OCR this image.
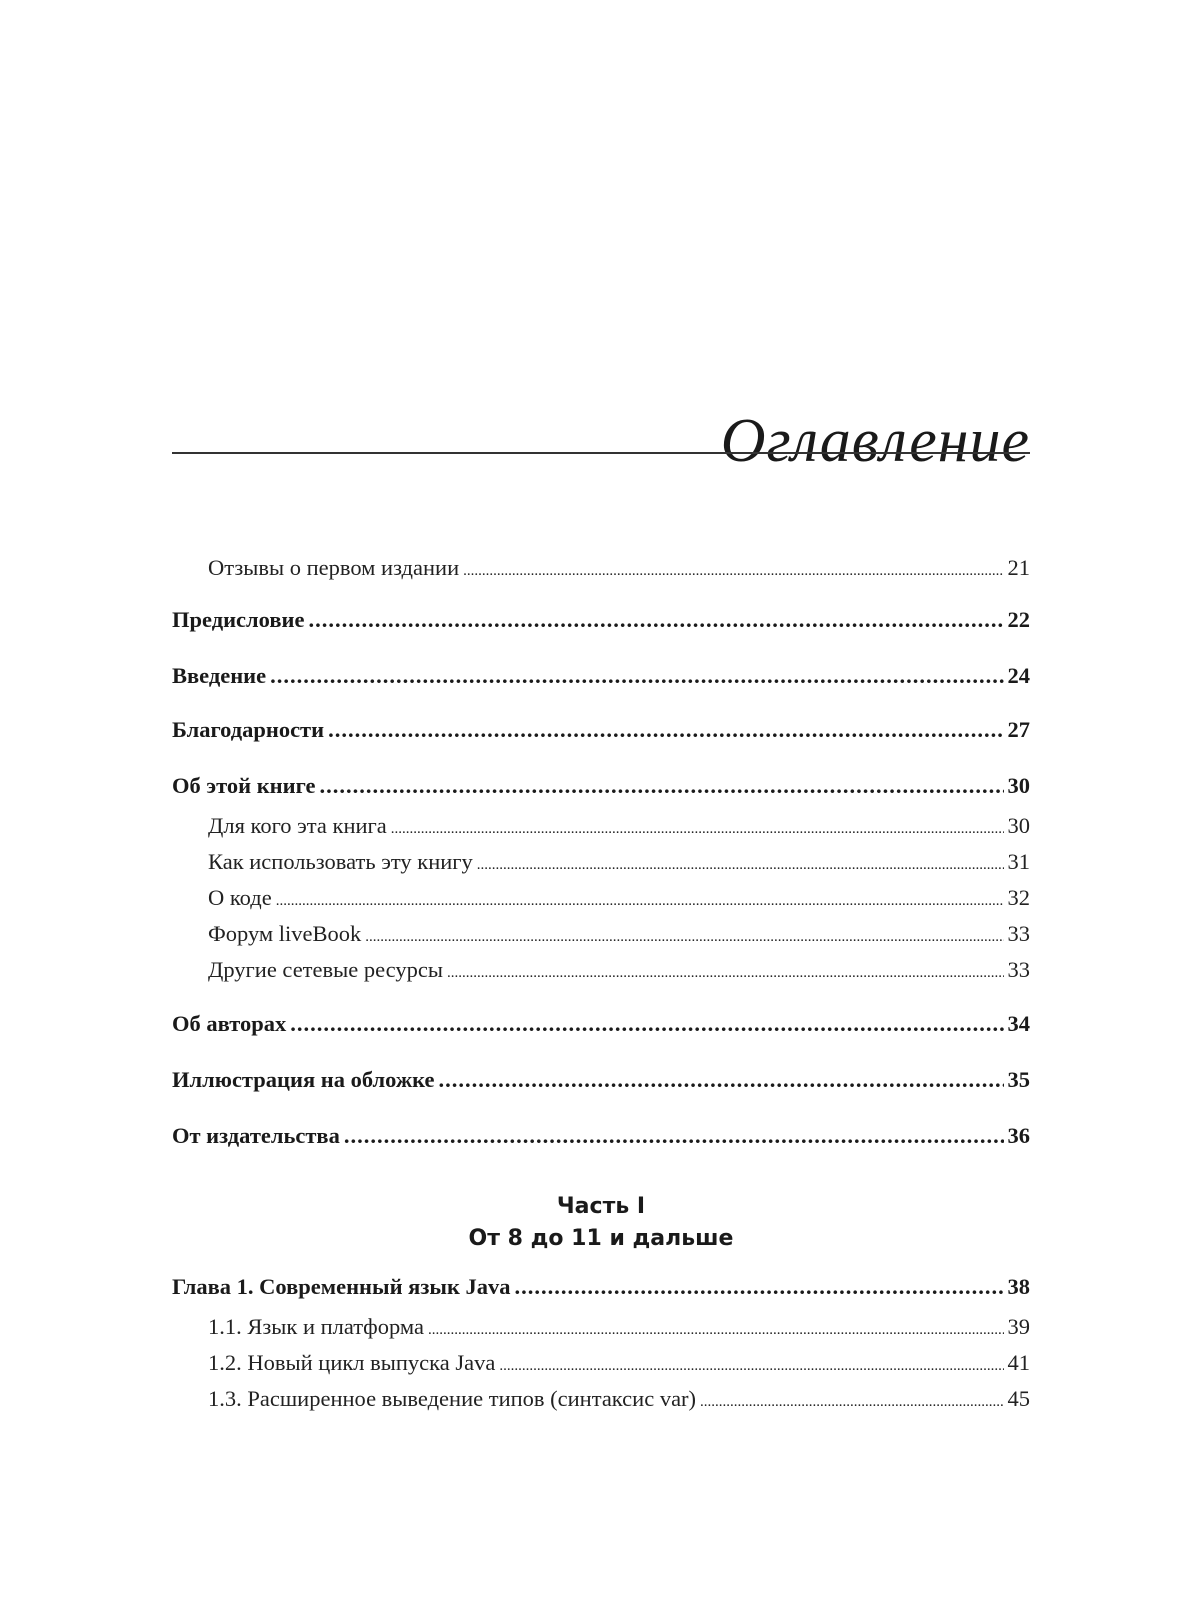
Оглавление
Отзывы о первом издании .....	21
Предисловие .....	22
Введение .....	24
Благодарности .....	27
Об этой книге .....	30
Для кого эта книга .....	30
Как использовать эту книгу .....	31
О коде .....	32
Форум liveBook .....	33
Другие сетевые ресурсы .....	33
Об авторах .....	34
Иллюстрация на обложке .....	35
От издательства .....	36
Часть I
От 8 до 11 и дальше
Глава 1. Современный язык Java .....	38
1.1. Язык и платформа .....	39
1.2. Новый цикл выпуска Java .....	41
1.3. Расширенное выведение типов (синтаксис var) .....	45
